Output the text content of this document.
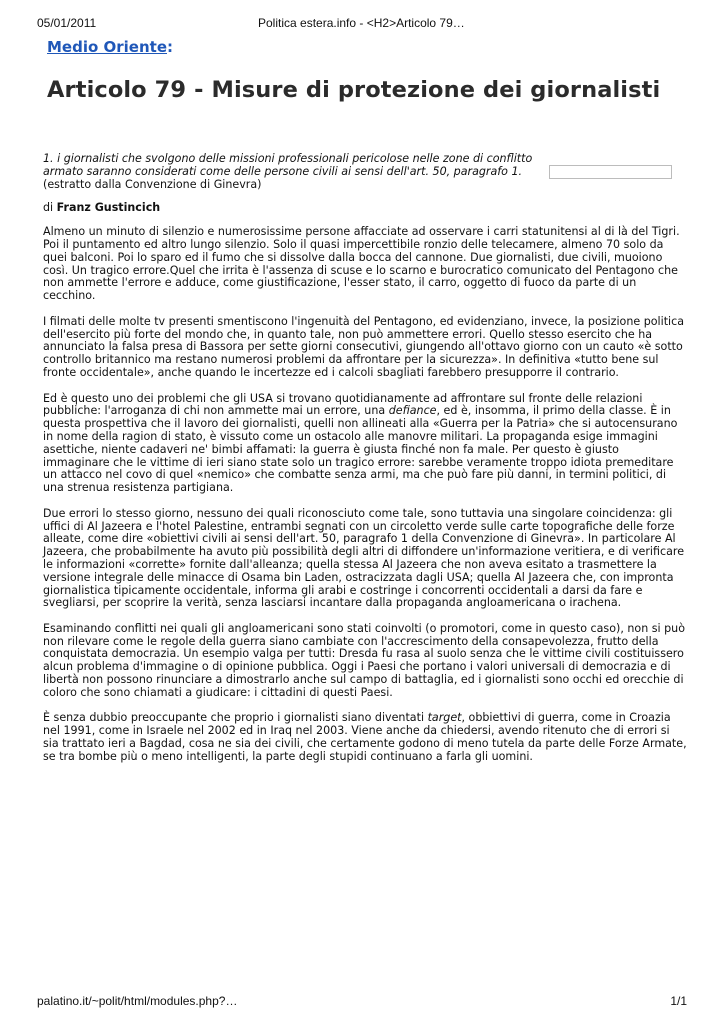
05/01/2011	Politica estera.info - <H2>Articolo 79…
Medio Oriente:
Articolo 79 - Misure di protezione dei giornalisti
1. i giornalisti che svolgono delle missioni professionali pericolose nelle zone di conflitto armato saranno considerati come delle persone civili ai sensi dell'art. 50, paragrafo 1.
(estratto dalla Convenzione di Ginevra)
di Franz Gustincich

Almeno un minuto di silenzio e numerosissime persone affacciate ad osservare i carri statunitensi al di là del Tigri. Poi il puntamento ed altro lungo silenzio. Solo il quasi impercettibile ronzio delle telecamere, almeno 70 solo da quei balconi. Poi lo sparo ed il fumo che si dissolve dalla bocca del cannone. Due giornalisti, due civili, muoiono così. Un tragico errore.Quel che irrita è l'assenza di scuse e lo scarno e burocratico comunicato del Pentagono che non ammette l'errore e adduce, come giustificazione, l'esser stato, il carro, oggetto di fuoco da parte di un cecchino.

I filmati delle molte tv presenti smentiscono l'ingenuità del Pentagono, ed evidenziano, invece, la posizione politica dell'esercito più forte del mondo che, in quanto tale, non può ammettere errori. Quello stesso esercito che ha annunciato la falsa presa di Bassora per sette giorni consecutivi, giungendo all'ottavo giorno con un cauto «è sotto controllo britannico ma restano numerosi problemi da affrontare per la sicurezza». In definitiva «tutto bene sul fronte occidentale», anche quando le incertezze ed i calcoli sbagliati farebbero presupporre il contrario.

Ed è questo uno dei problemi che gli USA si trovano quotidianamente ad affrontare sul fronte delle relazioni pubbliche: l'arroganza di chi non ammette mai un errore, una defiance, ed è, insomma, il primo della classe. È in questa prospettiva che il lavoro dei giornalisti, quelli non allineati alla «Guerra per la Patria» che si autocensurano in nome della ragion di stato, è vissuto come un ostacolo alle manovre militari. La propaganda esige immagini asettiche, niente cadaveri ne' bimbi affamati: la guerra è giusta finché non fa male. Per questo è giusto immaginare che le vittime di ieri siano state solo un tragico errore: sarebbe veramente troppo idiota premeditare un attacco nel covo di quel «nemico» che combatte senza armi, ma che può fare più danni, in termini politici, di una strenua resistenza partigiana.

Due errori lo stesso giorno, nessuno dei quali riconosciuto come tale, sono tuttavia una singolare coincidenza: gli uffici di Al Jazeera e l'hotel Palestine, entrambi segnati con un circoletto verde sulle carte topografiche delle forze alleate, come dire «obiettivi civili ai sensi dell'art. 50, paragrafo 1 della Convenzione di Ginevra». In particolare Al Jazeera, che probabilmente ha avuto più possibilità degli altri di diffondere un'informazione veritiera, e di verificare le informazioni «corrette» fornite dall'alleanza; quella stessa Al Jazeera che non aveva esitato a trasmettere la versione integrale delle minacce di Osama bin Laden, ostracizzata dagli USA; quella Al Jazeera che, con impronta giornalistica tipicamente occidentale, informa gli arabi e costringe i concorrenti occidentali a darsi da fare e svegliarsi, per scoprire la verità, senza lasciarsi incantare dalla propaganda angloamericana o irachena.

Esaminando conflitti nei quali gli angloamericani sono stati coinvolti (o promotori, come in questo caso), non si può non rilevare come le regole della guerra siano cambiate con l'accrescimento della consapevolezza, frutto della conquistata democrazia. Un esempio valga per tutti: Dresda fu rasa al suolo senza che le vittime civili costituissero alcun problema d'immagine o di opinione pubblica. Oggi i Paesi che portano i valori universali di democrazia e di libertà non possono rinunciare a dimostrarlo anche sul campo di battaglia, ed i giornalisti sono occhi ed orecchie di coloro che sono chiamati a giudicare: i cittadini di questi Paesi.

È senza dubbio preoccupante che proprio i giornalisti siano diventati target, obbiettivi di guerra, come in Croazia nel 1991, come in Israele nel 2002 ed in Iraq nel 2003. Viene anche da chiedersi, avendo ritenuto che di errori si sia trattato ieri a Bagdad, cosa ne sia dei civili, che certamente godono di meno tutela da parte delle Forze Armate, se tra bombe più o meno intelligenti, la parte degli stupidi continuano a farla gli uomini.

palatino.it/~polit/html/modules.php?…	1/1
